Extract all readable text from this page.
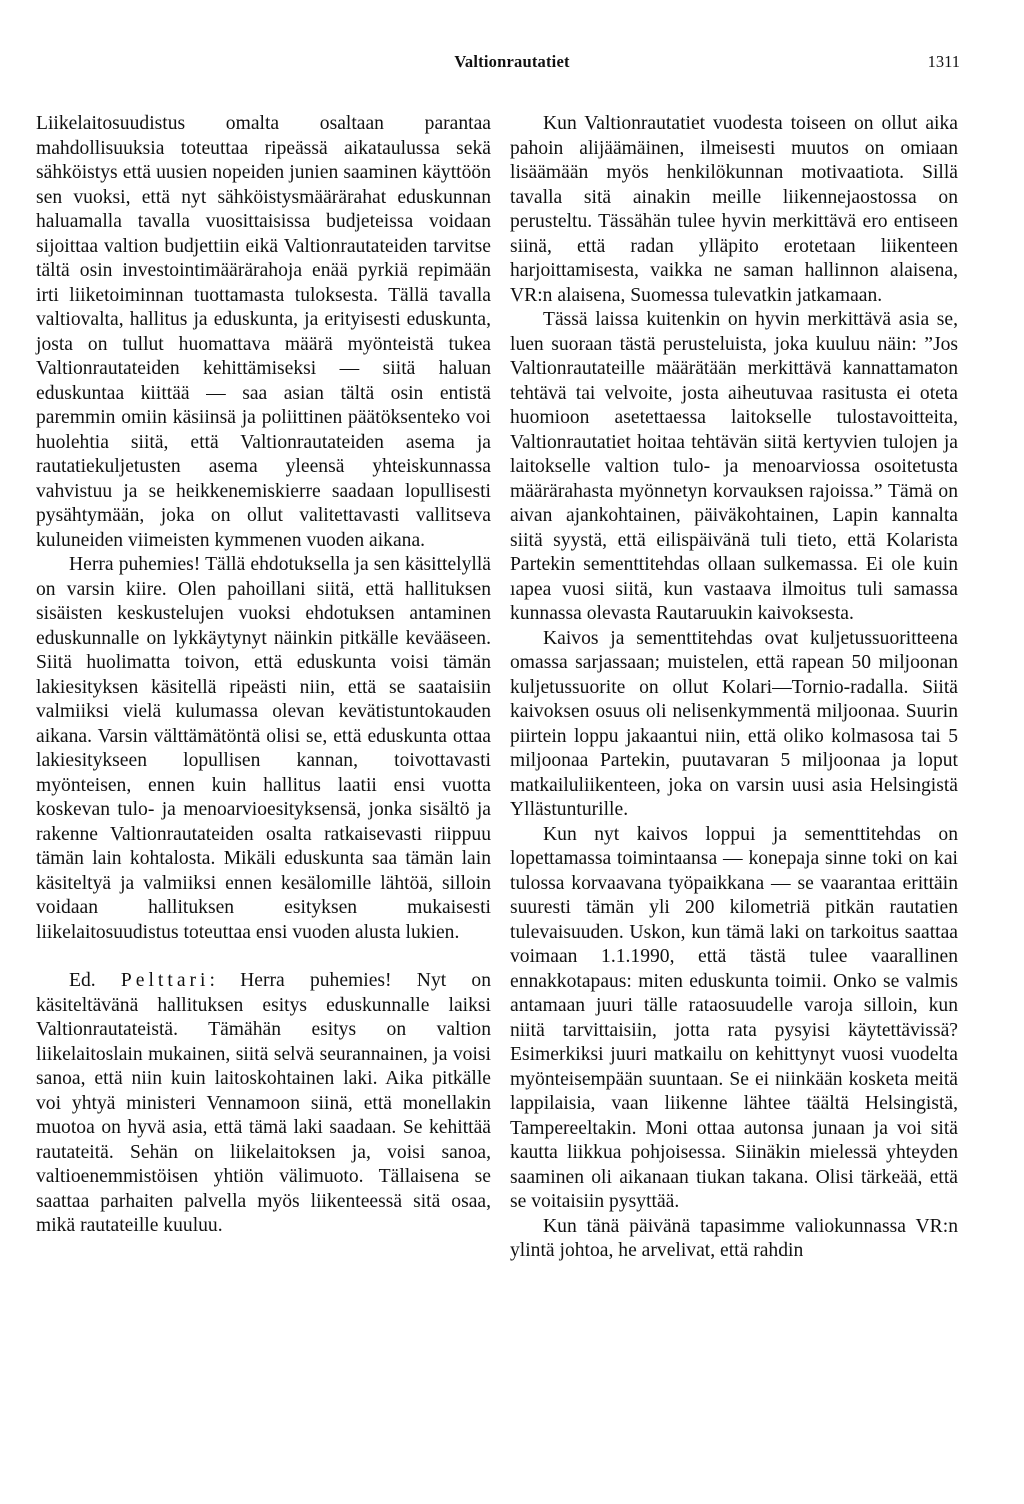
Valtionrautatiet	1311

Liikelaitosuudistus omalta osaltaan parantaa mahdollisuuksia toteuttaa ripeässä aikataulussa sekä sähköistys että uusien nopeiden junien saaminen käyttöön sen vuoksi, että nyt sähköistysmäärärahat eduskunnan haluamalla tavalla vuosittaisissa budjeteissa voidaan sijoittaa valtion budjettiin eikä Valtionrautateiden tarvitse tältä osin investointimäärärahoja enää pyrkiä repimään irti liiketoiminnan tuottamasta tuloksesta. Tällä tavalla valtiovalta, hallitus ja eduskunta, ja erityisesti eduskunta, josta on tullut huomattava määrä myönteistä tukea Valtionrautateiden kehittämiseksi — siitä haluan eduskuntaa kiittää — saa asian tältä osin entistä paremmin omiin käsiinsä ja poliittinen päätöksenteko voi huolehtia siitä, että Valtionrautateiden asema ja rautatiekuljetusten asema yleensä yhteiskunnassa vahvistuu ja se heikkenemiskierre saadaan lopullisesti pysähtymään, joka on ollut valitettavasti vallitseva kuluneiden viimeisten kymmenen vuoden aikana.

Herra puhemies! Tällä ehdotuksella ja sen käsittelyllä on varsin kiire. Olen pahoillani siitä, että hallituksen sisäisten keskustelujen vuoksi ehdotuksen antaminen eduskunnalle on lykkäytynyt näinkin pitkälle kevääseen. Siitä huolimatta toivon, että eduskunta voisi tämän lakiesityksen käsitellä ripeästi niin, että se saataisiin valmiiksi vielä kulumassa olevan kevätistuntokauden aikana. Varsin välttämätöntä olisi se, että eduskunta ottaa lakiesitykseen lopullisen kannan, toivottavasti myönteisen, ennen kuin hallitus laatii ensi vuotta koskevan tulo- ja menoarvioesityksensä, jonka sisältö ja rakenne Valtionrautateiden osalta ratkaisevasti riippuu tämän lain kohtalosta. Mikäli eduskunta saa tämän lain käsiteltyä ja valmiiksi ennen kesälomille lähtöä, silloin voidaan hallituksen esityksen mukaisesti liikelaitosuudistus toteuttaa ensi vuoden alusta lukien.

Ed. Pelttari: Herra puhemies! Nyt on käsiteltävänä hallituksen esitys eduskunnalle laiksi Valtionrautateistä. Tämähän esitys on valtion liikelaitoslain mukainen, siitä selvä seurannainen, ja voisi sanoa, että niin kuin laitoskohtainen laki. Aika pitkälle voi yhtyä ministeri Vennamoon siinä, että monellakin muotoa on hyvä asia, että tämä laki saadaan. Se kehittää rautateitä. Sehän on liikelaitoksen ja, voisi sanoa, valtioenemmistöisen yhtiön välimuoto. Tällaisena se saattaa parhaiten palvella myös liikenteessä sitä osaa, mikä rautateille kuuluu.

Kun Valtionrautatiet vuodesta toiseen on ollut aika pahoin alijäämäinen, ilmeisesti muutos on omiaan lisäämään myös henkilökunnan motivaatiota. Sillä tavalla sitä ainakin meille liikennejaostossa on perusteltu. Tässähän tulee hyvin merkittävä ero entiseen siinä, että radan ylläpito erotetaan liikenteen harjoittamisesta, vaikka ne saman hallinnon alaisena, VR:n alaisena, Suomessa tulevatkin jatkamaan.

Tässä laissa kuitenkin on hyvin merkittävä asia se, luen suoraan tästä perusteluista, joka kuuluu näin: ”Jos Valtionrautateille määrätään merkittävä kannattamaton tehtävä tai velvoite, josta aiheutuvaa rasitusta ei oteta huomioon asetettaessa laitokselle tulostavoitteita, Valtionrautatiet hoitaa tehtävän siitä kertyvien tulojen ja laitokselle valtion tulo- ja menoarviossa osoitetusta määrärahasta myönnetyn korvauksen rajoissa.” Tämä on aivan ajankohtainen, päiväkohtainen, Lapin kannalta siitä syystä, että eilispäivänä tuli tieto, että Kolarista Partekin sementtitehdas ollaan sulkemassa. Ei ole kuin ıapea vuosi siitä, kun vastaava ilmoitus tuli samassa kunnassa olevasta Rautaruukin kaivoksesta.

Kaivos ja sementtitehdas ovat kuljetussuoritteena omassa sarjassaan; muistelen, että rapean 50 miljoonan kuljetussuorite on ollut Kolari—Tornio-radalla. Siitä kaivoksen osuus oli nelisenkymmentä miljoonaa. Suurin piirtein loppu jakaantui niin, että oliko kolmasosa tai 5 miljoonaa Partekin, puutavaran 5 miljoonaa ja loput matkailuliikenteen, joka on varsin uusi asia Helsingistä Yllästunturille.

Kun nyt kaivos loppui ja sementtitehdas on lopettamassa toimintaansa — konepaja sinne toki on kai tulossa korvaavana työpaikkana — se vaarantaa erittäin suuresti tämän yli 200 kilometriä pitkän rautatien tulevaisuuden. Uskon, kun tämä laki on tarkoitus saattaa voimaan 1.1.1990, että tästä tulee vaarallinen ennakkotapaus: miten eduskunta toimii. Onko se valmis antamaan juuri tälle rataosuudelle varoja silloin, kun niitä tarvittaisiin, jotta rata pysyisi käytettävissä? Esimerkiksi juuri matkailu on kehittynyt vuosi vuodelta myönteisempään suuntaan. Se ei niinkään kosketa meitä lappilaisia, vaan liikenne lähtee täältä Helsingistä, Tampereeltakin. Moni ottaa autonsa junaan ja voi sitä kautta liikkua pohjoisessa. Siinäkin mielessä yhteyden saaminen oli aikanaan tiukan takana. Olisi tärkeää, että se voitaisiin pysyttää.

Kun tänä päivänä tapasimme valiokunnassa VR:n ylintä johtoa, he arvelivat, että rahdin
